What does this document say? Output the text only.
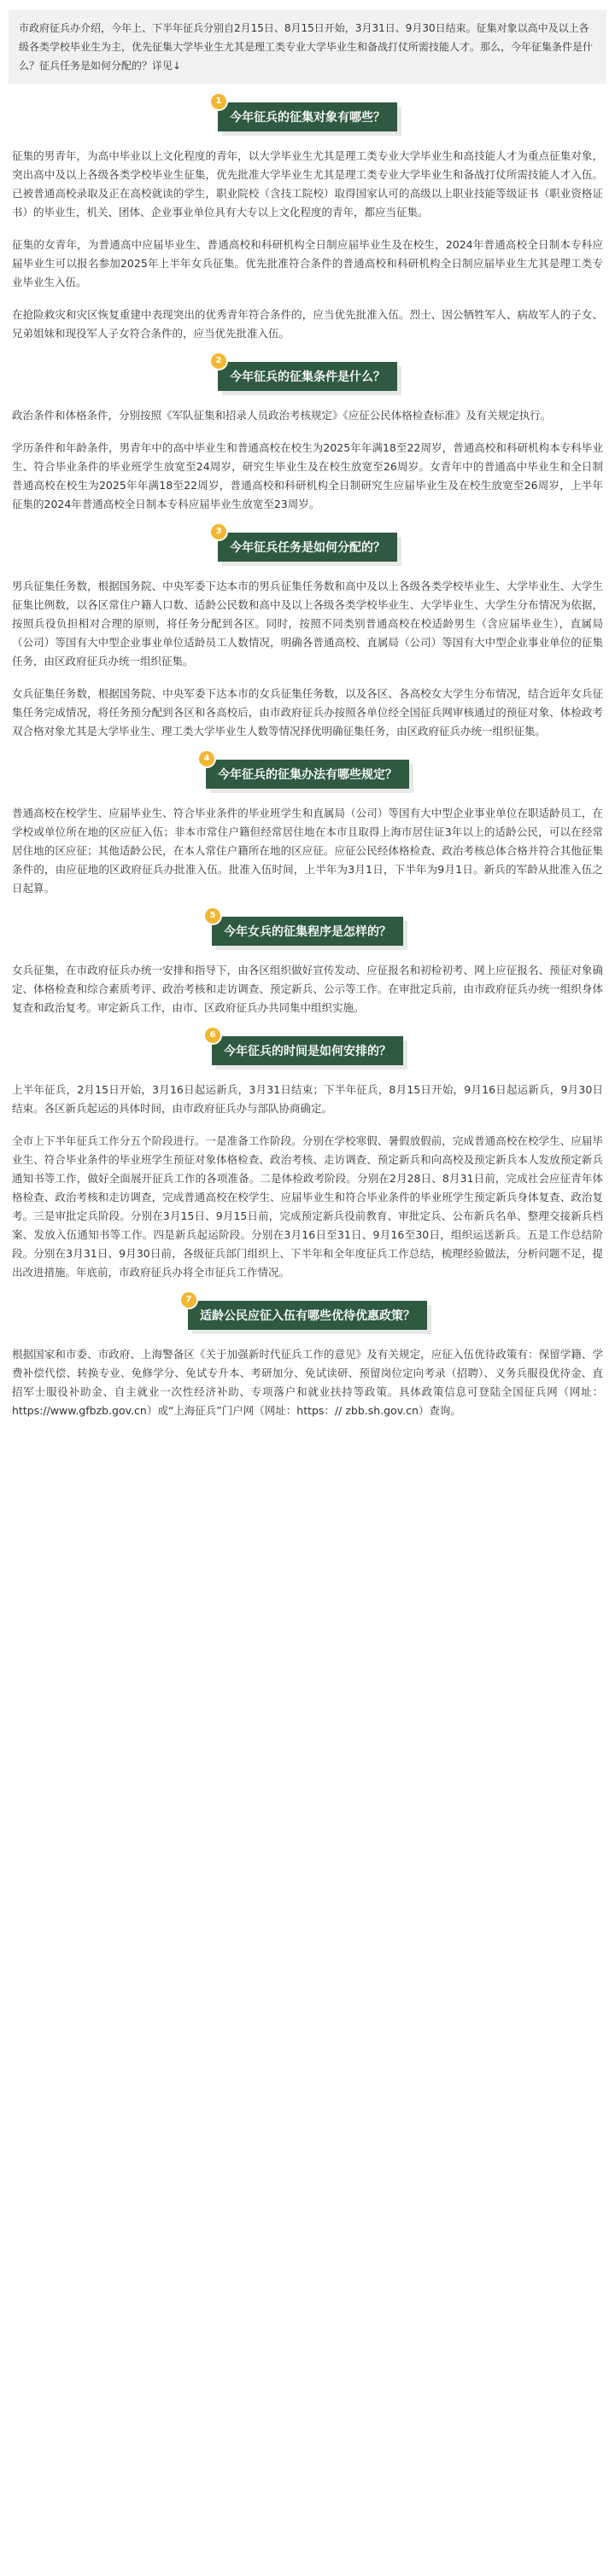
市政府征兵办介绍，今年上、下半年征兵分别自2月15日、8月15日开始，3月31日、9月30日结束。征集对象以高中及以上各级各类学校毕业生为主，优先征集大学毕业生尤其是理工类专业大学毕业生和备战打仗所需技能人才。那么，今年征集条件是什么？征兵任务是如何分配的？详见↓
1
今年征兵的征集对象有哪些？

征集的男青年，为高中毕业以上文化程度的青年，以大学毕业生尤其是理工类专业大学毕业生和高技能人才为重点征集对象，突出高中及以上各级各类学校毕业生征集，优先批准大学毕业生尤其是理工类专业大学毕业生和备战打仗所需技能人才入伍。已被普通高校录取及正在高校就读的学生，职业院校（含技工院校）取得国家认可的高级以上职业技能等级证书（职业资格证书）的毕业生，机关、团体、企业事业单位具有大专以上文化程度的青年，都应当征集。

征集的女青年，为普通高中应届毕业生、普通高校和科研机构全日制应届毕业生及在校生，2024年普通高校全日制本专科应届毕业生可以报名参加2025年上半年女兵征集。优先批准符合条件的普通高校和科研机构全日制应届毕业生尤其是理工类专业毕业生入伍。

在抢险救灾和灾区恢复重建中表现突出的优秀青年符合条件的，应当优先批准入伍。烈士、因公牺牲军人、病故军人的子女、兄弟姐妹和现役军人子女符合条件的，应当优先批准入伍。

2
今年征兵的征集条件是什么？

政治条件和体格条件，分别按照《军队征集和招录人员政治考核规定》《应征公民体格检查标准》及有关规定执行。

学历条件和年龄条件，男青年中的高中毕业生和普通高校在校生为2025年年满18至22周岁，普通高校和科研机构本专科毕业生、符合毕业条件的毕业班学生放宽至24周岁，研究生毕业生及在校生放宽至26周岁。女青年中的普通高中毕业生和全日制普通高校在校生为2025年年满18至22周岁，普通高校和科研机构全日制研究生应届毕业生及在校生放宽至26周岁，上半年征集的2024年普通高校全日制本专科应届毕业生放宽至23周岁。

3
今年征兵任务是如何分配的？

男兵征集任务数，根据国务院、中央军委下达本市的男兵征集任务数和高中及以上各级各类学校毕业生、大学毕业生、大学生征集比例数，以各区常住户籍人口数、适龄公民数和高中及以上各级各类学校毕业生、大学毕业生、大学生分布情况为依据，按照兵役负担相对合理的原则，将任务分配到各区。同时，按照不同类别普通高校在校适龄男生（含应届毕业生），直属局（公司）等国有大中型企业事业单位适龄员工人数情况，明确各普通高校、直属局（公司）等国有大中型企业事业单位的征集任务，由区政府征兵办统一组织征集。

女兵征集任务数，根据国务院、中央军委下达本市的女兵征集任务数，以及各区、各高校女大学生分布情况，结合近年女兵征集任务完成情况，将任务预分配到各区和各高校后，由市政府征兵办按照各单位经全国征兵网审核通过的预征对象、体检政考双合格对象尤其是大学毕业生、理工类大学毕业生人数等情况择优明确征集任务，由区政府征兵办统一组织征集。

4
今年征兵的征集办法有哪些规定？

普通高校在校学生、应届毕业生、符合毕业条件的毕业班学生和直属局（公司）等国有大中型企业事业单位在职适龄员工，在学校或单位所在地的区应征入伍；非本市常住户籍但经常居住地在本市且取得上海市居住证3年以上的适龄公民，可以在经常居住地的区应征；其他适龄公民，在本人常住户籍所在地的区应征。应征公民经体格检查、政治考核总体合格并符合其他征集条件的，由应征地的区政府征兵办批准入伍。批准入伍时间，上半年为3月1日，下半年为9月1日。新兵的军龄从批准入伍之日起算。

5
今年女兵的征集程序是怎样的？

女兵征集，在市政府征兵办统一安排和指导下，由各区组织做好宣传发动、应征报名和初检初考、网上应征报名、预征对象确定、体格检查和综合素质考评、政治考核和走访调查、预定新兵、公示等工作。在审批定兵前，由市政府征兵办统一组织身体复查和政治复考。审定新兵工作，由市、区政府征兵办共同集中组织实施。

6
今年征兵的时间是如何安排的？

上半年征兵，2月15日开始，3月16日起运新兵，3月31日结束；下半年征兵，8月15日开始，9月16日起运新兵，9月30日结束。各区新兵起运的具体时间，由市政府征兵办与部队协商确定。

全市上下半年征兵工作分五个阶段进行。一是准备工作阶段。分别在学校寒假、暑假放假前，完成普通高校在校学生、应届毕业生、符合毕业条件的毕业班学生预征对象体格检查、政治考核、走访调查、预定新兵和向高校及预定新兵本人发放预定新兵通知书等工作，做好全面展开征兵工作的各项准备。二是体检政考阶段。分别在2月28日、8月31日前，完成社会应征青年体格检查、政治考核和走访调查，完成普通高校在校学生、应届毕业生和符合毕业条件的毕业班学生预定新兵身体复查、政治复考。三是审批定兵阶段。分别在3月15日、9月15日前，完成预定新兵役前教育、审批定兵、公布新兵名单、整理交接新兵档案、发放入伍通知书等工作。四是新兵起运阶段。分别在3月16日至31日、9月16至30日，组织运送新兵。五是工作总结阶段。分别在3月31日、9月30日前，各级征兵部门组织上、下半年和全年度征兵工作总结，梳理经验做法，分析问题不足，提出改进措施。年底前，市政府征兵办将全市征兵工作情况。

7
适龄公民应征入伍有哪些优待优惠政策？

根据国家和市委、市政府、上海警备区《关于加强新时代征兵工作的意见》及有关规定，应征入伍优待政策有：保留学籍、学费补偿代偿、转换专业、免修学分、免试专升本、考研加分、免试读研、预留岗位定向考录（招聘）、义务兵服役优待金、直招军士服役补助金、自主就业一次性经济补助、专项落户和就业扶持等政策。具体政策信息可登陆全国征兵网（网址：https://www.gfbzb.gov.cn）或“上海征兵”门户网（网址：https：// zbb.sh.gov.cn）查询。
